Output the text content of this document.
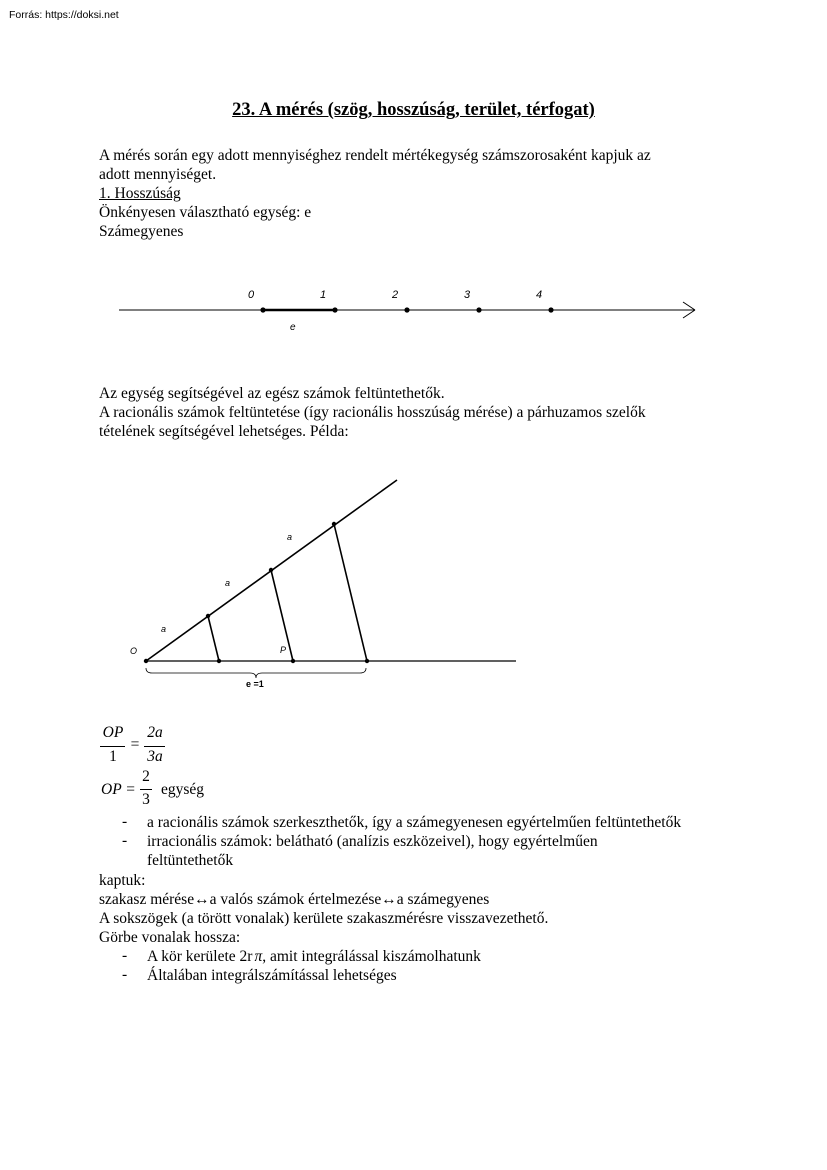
Forrás: https://doksi.net
23. A mérés (szög, hosszúság, terület, térfogat)
A mérés során egy adott mennyiséghez rendelt mértékegység számszorosaként kapjuk az
adott mennyiséget.
1. Hosszúság
Önkényesen választható egység: e
Számegyenes
0	1	2	3	4
e
Az egység segítségével az egész számok feltüntethetők.
A racionális számok feltüntetése (így racionális hosszúság mérése) a párhuzamos szelők
tételének segítségével lehetséges. Példa:
a
a
a
O	P
e =1
OP
1
=
2a
3a
OP =
2
3
egység
- a racionális számok szerkeszthetők, így a számegyenesen egyértelműen feltüntethetők
- irracionális számok: belátható (analízis eszközeivel), hogy egyértelműen
feltüntethetők
kaptuk:
szakasz mérése↔a valós számok értelmezése↔a számegyenes
A sokszögek (a törött vonalak) kerülete szakaszmérésre visszavezethető.
Görbe vonalak hossza:
- A kör kerülete 2r π, amit integrálással kiszámolhatunk
- Általában integrálszámítással lehetséges
